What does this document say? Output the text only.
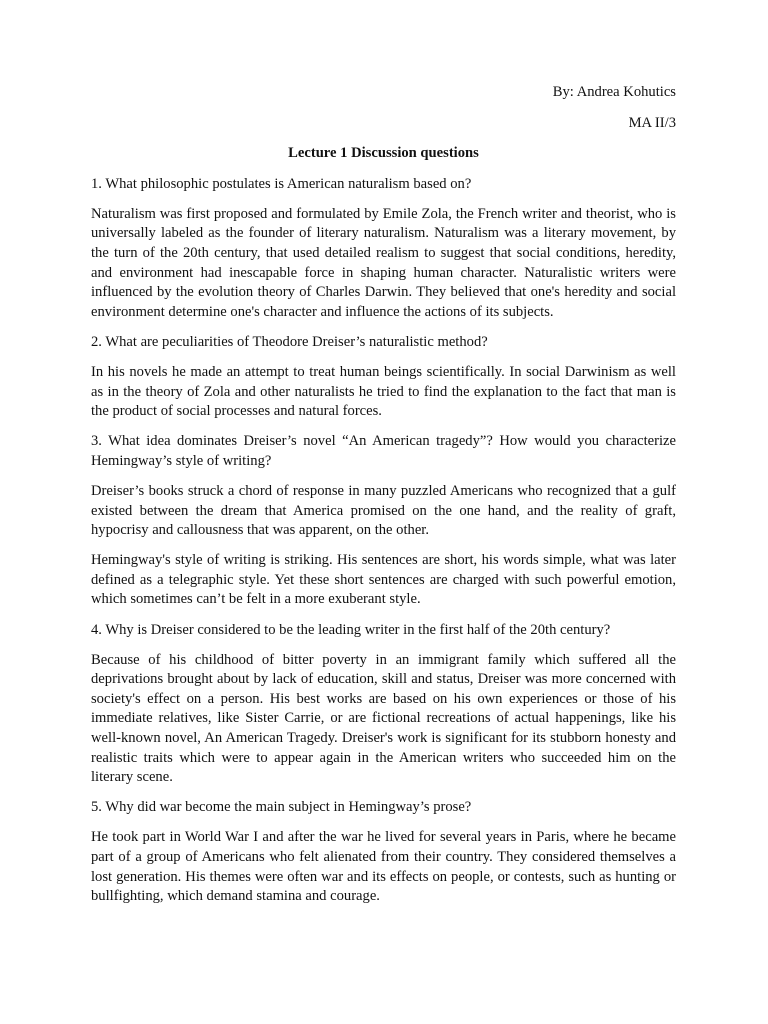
By: Andrea Kohutics

MA II/3

Lecture 1 Discussion questions

1. What philosophic postulates is American naturalism based on?

Naturalism was first proposed and formulated by Emile Zola, the French writer and theorist, who is universally labeled as the founder of literary naturalism. Naturalism was a literary movement, by the turn of the 20th century, that used detailed realism to suggest that social conditions, heredity, and environment had inescapable force in shaping human character. Naturalistic writers were influenced by the evolution theory of Charles Darwin. They believed that one's heredity and social environment determine one's character and influence the actions of its subjects.

2. What are peculiarities of Theodore Dreiser’s naturalistic method?

In his novels he made an attempt to treat human beings scientifically. In social Darwinism as well as in the theory of Zola and other naturalists he tried to find the explanation to the fact that man is the product of social processes and natural forces.

3. What idea dominates Dreiser’s novel “An American tragedy”? How would you characterize Hemingway’s style of writing?

Dreiser’s books struck a chord of response in many puzzled Americans who recognized that a gulf existed between the dream that America promised on the one hand, and the reality of graft, hypocrisy and callousness that was apparent, on the other.

Hemingway's style of writing is striking. His sentences are short, his words simple, what was later defined as a telegraphic style. Yet these short sentences are charged with such powerful emotion, which sometimes can’t be felt in a more exuberant style.

4. Why is Dreiser considered to be the leading writer in the first half of the 20th century?

Because of his childhood of bitter poverty in an immigrant family which suffered all the deprivations brought about by lack of education, skill and status, Dreiser was more concerned with society's effect on a person. His best works are based on his own experiences or those of his immediate relatives, like Sister Carrie, or are fictional recreations of actual happenings, like his well-known novel, An American Tragedy. Dreiser's work is significant for its stubborn honesty and realistic traits which were to appear again in the American writers who succeeded him on the literary scene.

5. Why did war become the main subject in Hemingway’s prose?

He took part in World War I and after the war he lived for several years in Paris, where he became part of a group of Americans who felt alienated from their country. They considered themselves a lost generation. His themes were often war and its effects on people, or contests, such as hunting or bullfighting, which demand stamina and courage.
